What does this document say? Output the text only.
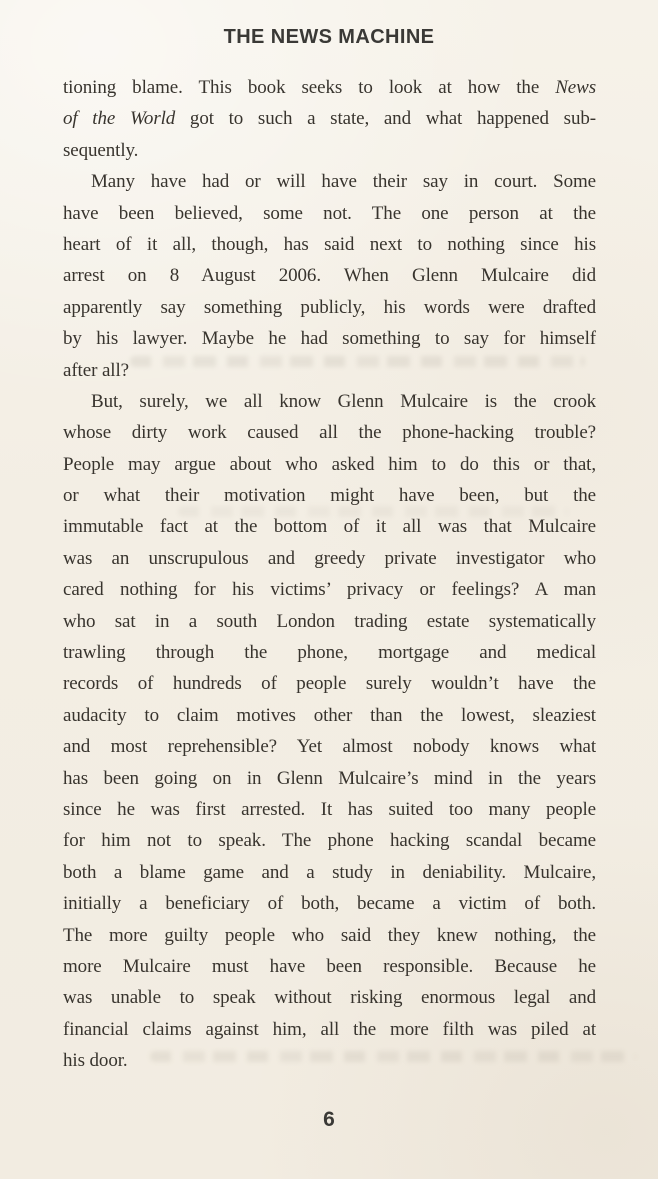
THE NEWS MACHINE
tioning blame. This book seeks to look at how the News
of the World got to such a state, and what happened sub-
sequently.
Many have had or will have their say in court. Some
have been believed, some not. The one person at the
heart of it all, though, has said next to nothing since his
arrest on 8 August 2006. When Glenn Mulcaire did
apparently say something publicly, his words were drafted
by his lawyer. Maybe he had something to say for himself
after all?
But, surely, we all know Glenn Mulcaire is the crook
whose dirty work caused all the phone-hacking trouble?
People may argue about who asked him to do this or that,
or what their motivation might have been, but the
immutable fact at the bottom of it all was that Mulcaire
was an unscrupulous and greedy private investigator who
cared nothing for his victims’ privacy or feelings? A man
who sat in a south London trading estate systematically
trawling through the phone, mortgage and medical
records of hundreds of people surely wouldn’t have the
audacity to claim motives other than the lowest, sleaziest
and most reprehensible? Yet almost nobody knows what
has been going on in Glenn Mulcaire’s mind in the years
since he was first arrested. It has suited too many people
for him not to speak. The phone hacking scandal became
both a blame game and a study in deniability. Mulcaire,
initially a beneficiary of both, became a victim of both.
The more guilty people who said they knew nothing, the
more Mulcaire must have been responsible. Because he
was unable to speak without risking enormous legal and
financial claims against him, all the more filth was piled at
his door.
6
